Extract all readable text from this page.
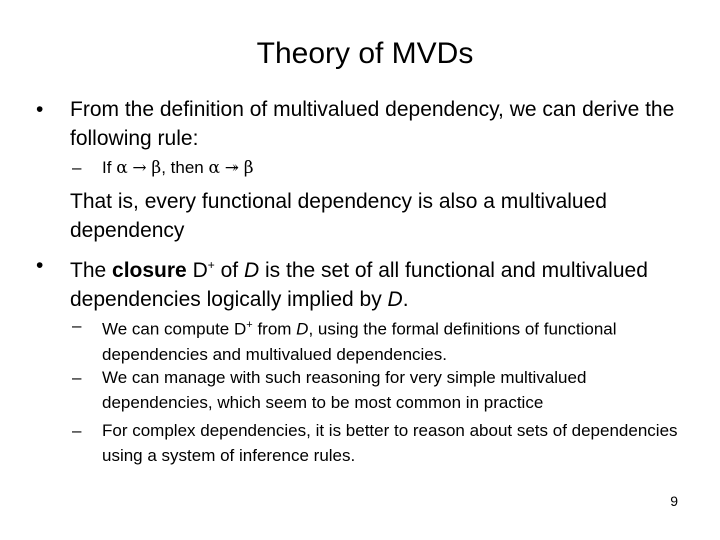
Theory of MVDs
• From the definition of multivalued dependency, we can derive the following rule:
– If α → β, then α ↠ β
That is, every functional dependency is also a multivalued dependency
• The closure D+ of D is the set of all functional and multivalued dependencies logically implied by D.
– We can compute D+ from D, using the formal definitions of functional dependencies and multivalued dependencies.
– We can manage with such reasoning for very simple multivalued dependencies, which seem to be most common in practice
– For complex dependencies, it is better to reason about sets of dependencies using a system of inference rules.
9
